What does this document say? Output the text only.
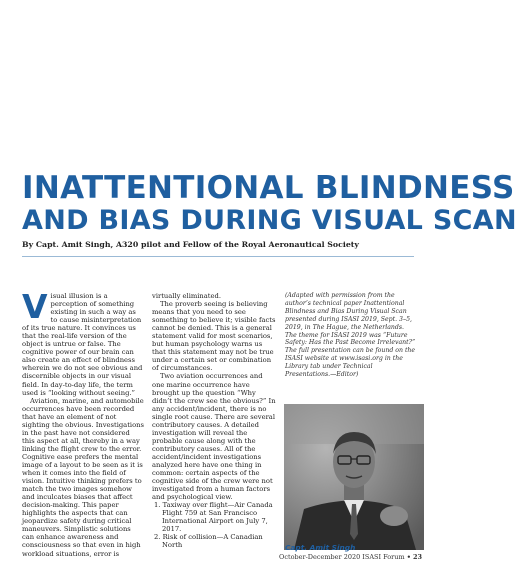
INATTENTIONAL BLINDNESS
AND BIAS DURING VISUAL SCAN
By Capt. Amit Singh, A320 pilot and Fellow of the Royal Aeronautical Society

Visual illusion is a perception of something existing in such a way as to cause misinterpretation of its true nature. It convinces us that the real-life version of the object is untrue or false. The cognitive power of our brain can also create an effect of blindness wherein we do not see obvious and discernible objects in our visual field. In day-to-day life, the term used is “looking without seeing.”

Aviation, marine, and automobile occurrences have been recorded that have an element of not sighting the obvious. Investigations in the past have not considered this aspect at all, thereby in a way linking the flight crew to the error. Cognitive ease prefers the mental image of a layout to be seen as it is when it comes into the field of vision. Intuitive thinking prefers to match the two images somehow and inculcates biases that affect decision-making. This paper highlights the aspects that can jeopardize safety during critical maneuvers. Simplistic solutions can enhance awareness and consciousness so that even in high workload situations, error is

virtually eliminated.

The proverb seeing is believing means that you need to see something to believe it; visible facts cannot be denied. This is a general statement valid for most scenarios, but human psychology warns us that this statement may not be true under a certain set or combination of circumstances.

Two aviation occurrences and one marine occurrence have brought up the question “Why didn’t the crew see the obvious?” In any accident/incident, there is no single root cause. There are several contributory causes. A detailed investigation will reveal the probable cause along with the contributory causes. All of the accident/incident investigations analyzed here have one thing in common: certain aspects of the cognitive side of the crew were not investigated from a human factors and psychological view.

1. Taxiway over flight—Air Canada Flight 759 at San Francisco International Airport on July 7, 2017.

2. Risk of collision—A Canadian North

(Adapted with permission from the author’s technical paper Inattentional Blindness and Bias During Visual Scan presented during ISASI 2019, Sept. 3–5, 2019, in The Hague, the Netherlands. The theme for ISASI 2019 was “Future Safety: Has the Past Become Irrelevant?” The full presentation can be found on the ISASI website at www.isasi.org in the Library tab under Technical Presentations.—Editor)

Capt. Amit Singh
October-December 2020 ISASI Forum • 23
